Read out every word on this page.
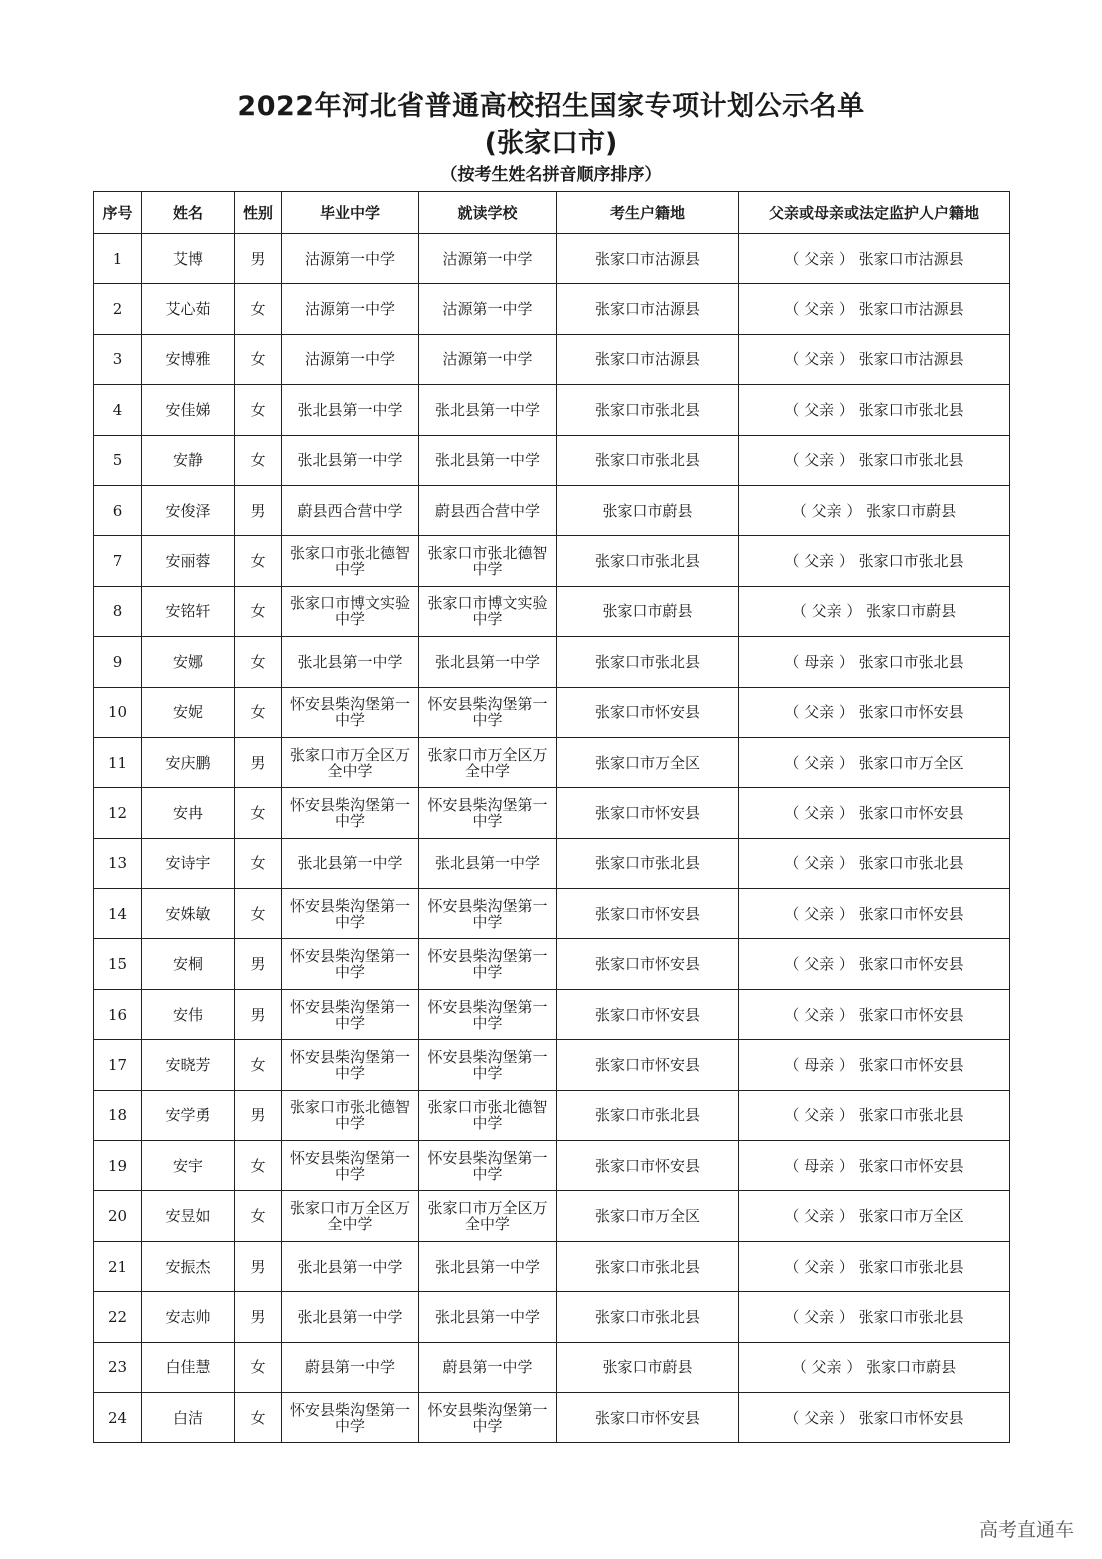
2022年河北省普通高校招生国家专项计划公示名单
(张家口市)
（按考生姓名拼音顺序排序）
序号	姓名	性别	毕业中学	就读学校	考生户籍地	父亲或母亲或法定监护人户籍地
1	艾博	男	沽源第一中学	沽源第一中学	张家口市沽源县	（ 父亲 ） 张家口市沽源县
2	艾心茹	女	沽源第一中学	沽源第一中学	张家口市沽源县	（ 父亲 ） 张家口市沽源县
3	安博雅	女	沽源第一中学	沽源第一中学	张家口市沽源县	（ 父亲 ） 张家口市沽源县
4	安佳娣	女	张北县第一中学	张北县第一中学	张家口市张北县	（ 父亲 ） 张家口市张北县
5	安静	女	张北县第一中学	张北县第一中学	张家口市张北县	（ 父亲 ） 张家口市张北县
6	安俊泽	男	蔚县西合营中学	蔚县西合营中学	张家口市蔚县	（ 父亲 ） 张家口市蔚县
7	安丽蓉	女	张家口市张北德智中学	张家口市张北德智中学	张家口市张北县	（ 父亲 ） 张家口市张北县
8	安铭轩	女	张家口市博文实验中学	张家口市博文实验中学	张家口市蔚县	（ 父亲 ） 张家口市蔚县
9	安娜	女	张北县第一中学	张北县第一中学	张家口市张北县	（ 母亲 ） 张家口市张北县
10	安妮	女	怀安县柴沟堡第一中学	怀安县柴沟堡第一中学	张家口市怀安县	（ 父亲 ） 张家口市怀安县
11	安庆鹏	男	张家口市万全区万全中学	张家口市万全区万全中学	张家口市万全区	（ 父亲 ） 张家口市万全区
12	安冉	女	怀安县柴沟堡第一中学	怀安县柴沟堡第一中学	张家口市怀安县	（ 父亲 ） 张家口市怀安县
13	安诗宇	女	张北县第一中学	张北县第一中学	张家口市张北县	（ 父亲 ） 张家口市张北县
14	安姝敏	女	怀安县柴沟堡第一中学	怀安县柴沟堡第一中学	张家口市怀安县	（ 父亲 ） 张家口市怀安县
15	安桐	男	怀安县柴沟堡第一中学	怀安县柴沟堡第一中学	张家口市怀安县	（ 父亲 ） 张家口市怀安县
16	安伟	男	怀安县柴沟堡第一中学	怀安县柴沟堡第一中学	张家口市怀安县	（ 父亲 ） 张家口市怀安县
17	安晓芳	女	怀安县柴沟堡第一中学	怀安县柴沟堡第一中学	张家口市怀安县	（ 母亲 ） 张家口市怀安县
18	安学勇	男	张家口市张北德智中学	张家口市张北德智中学	张家口市张北县	（ 父亲 ） 张家口市张北县
19	安宇	女	怀安县柴沟堡第一中学	怀安县柴沟堡第一中学	张家口市怀安县	（ 母亲 ） 张家口市怀安县
20	安昱如	女	张家口市万全区万全中学	张家口市万全区万全中学	张家口市万全区	（ 父亲 ） 张家口市万全区
21	安振杰	男	张北县第一中学	张北县第一中学	张家口市张北县	（ 父亲 ） 张家口市张北县
22	安志帅	男	张北县第一中学	张北县第一中学	张家口市张北县	（ 父亲 ） 张家口市张北县
23	白佳慧	女	蔚县第一中学	蔚县第一中学	张家口市蔚县	（ 父亲 ） 张家口市蔚县
24	白洁	女	怀安县柴沟堡第一中学	怀安县柴沟堡第一中学	张家口市怀安县	（ 父亲 ） 张家口市怀安县
高考直通车
